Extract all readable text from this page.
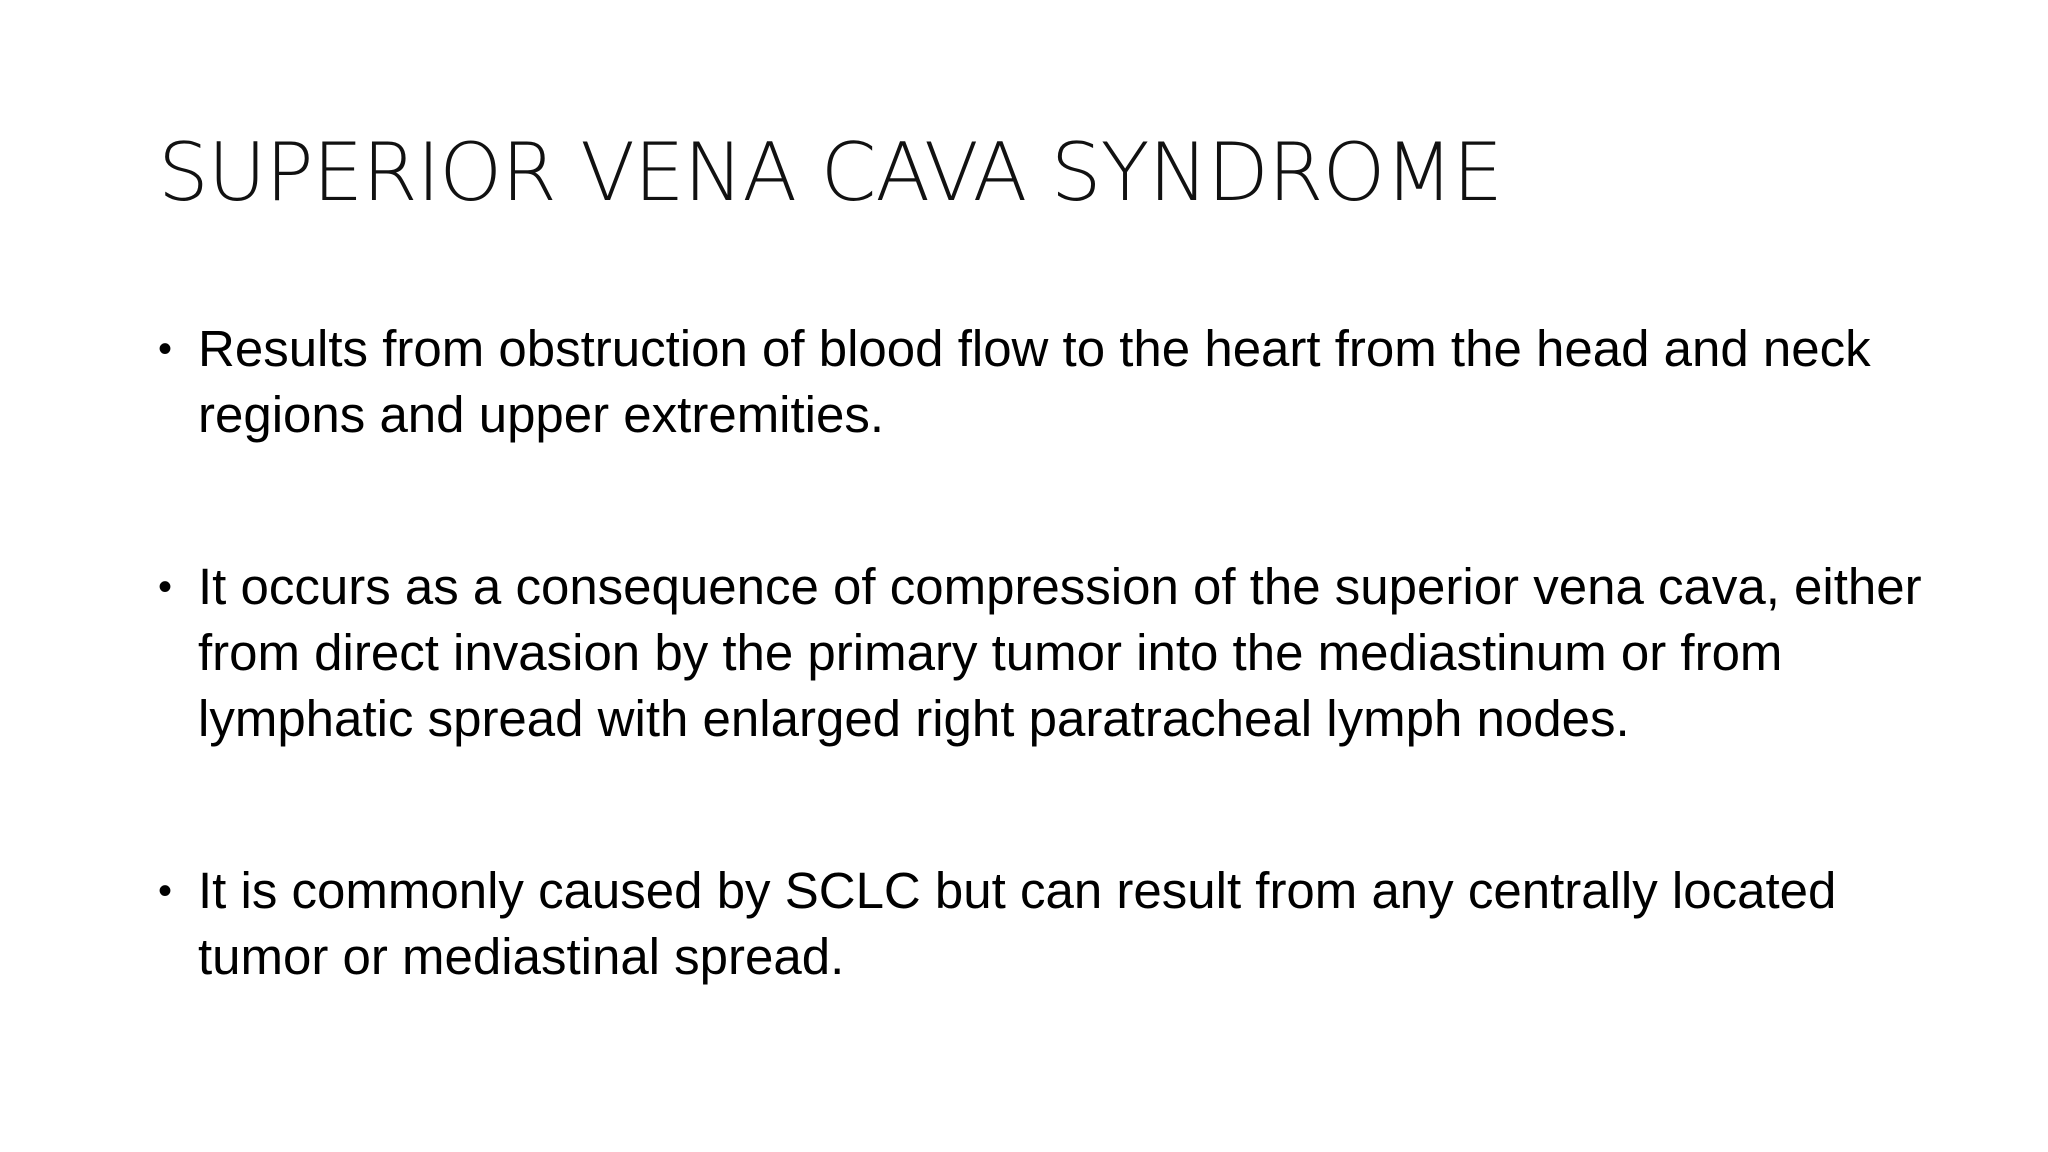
SUPERIOR VENA CAVA SYNDROME
• Results from obstruction of blood flow to the heart from the head and neck regions and upper extremities.
• It occurs as a consequence of compression of the superior vena cava, either from direct invasion by the primary tumor into the mediastinum or from lymphatic spread with enlarged right paratracheal lymph nodes.
• It is commonly caused by SCLC but can result from any centrally located tumor or mediastinal spread.
